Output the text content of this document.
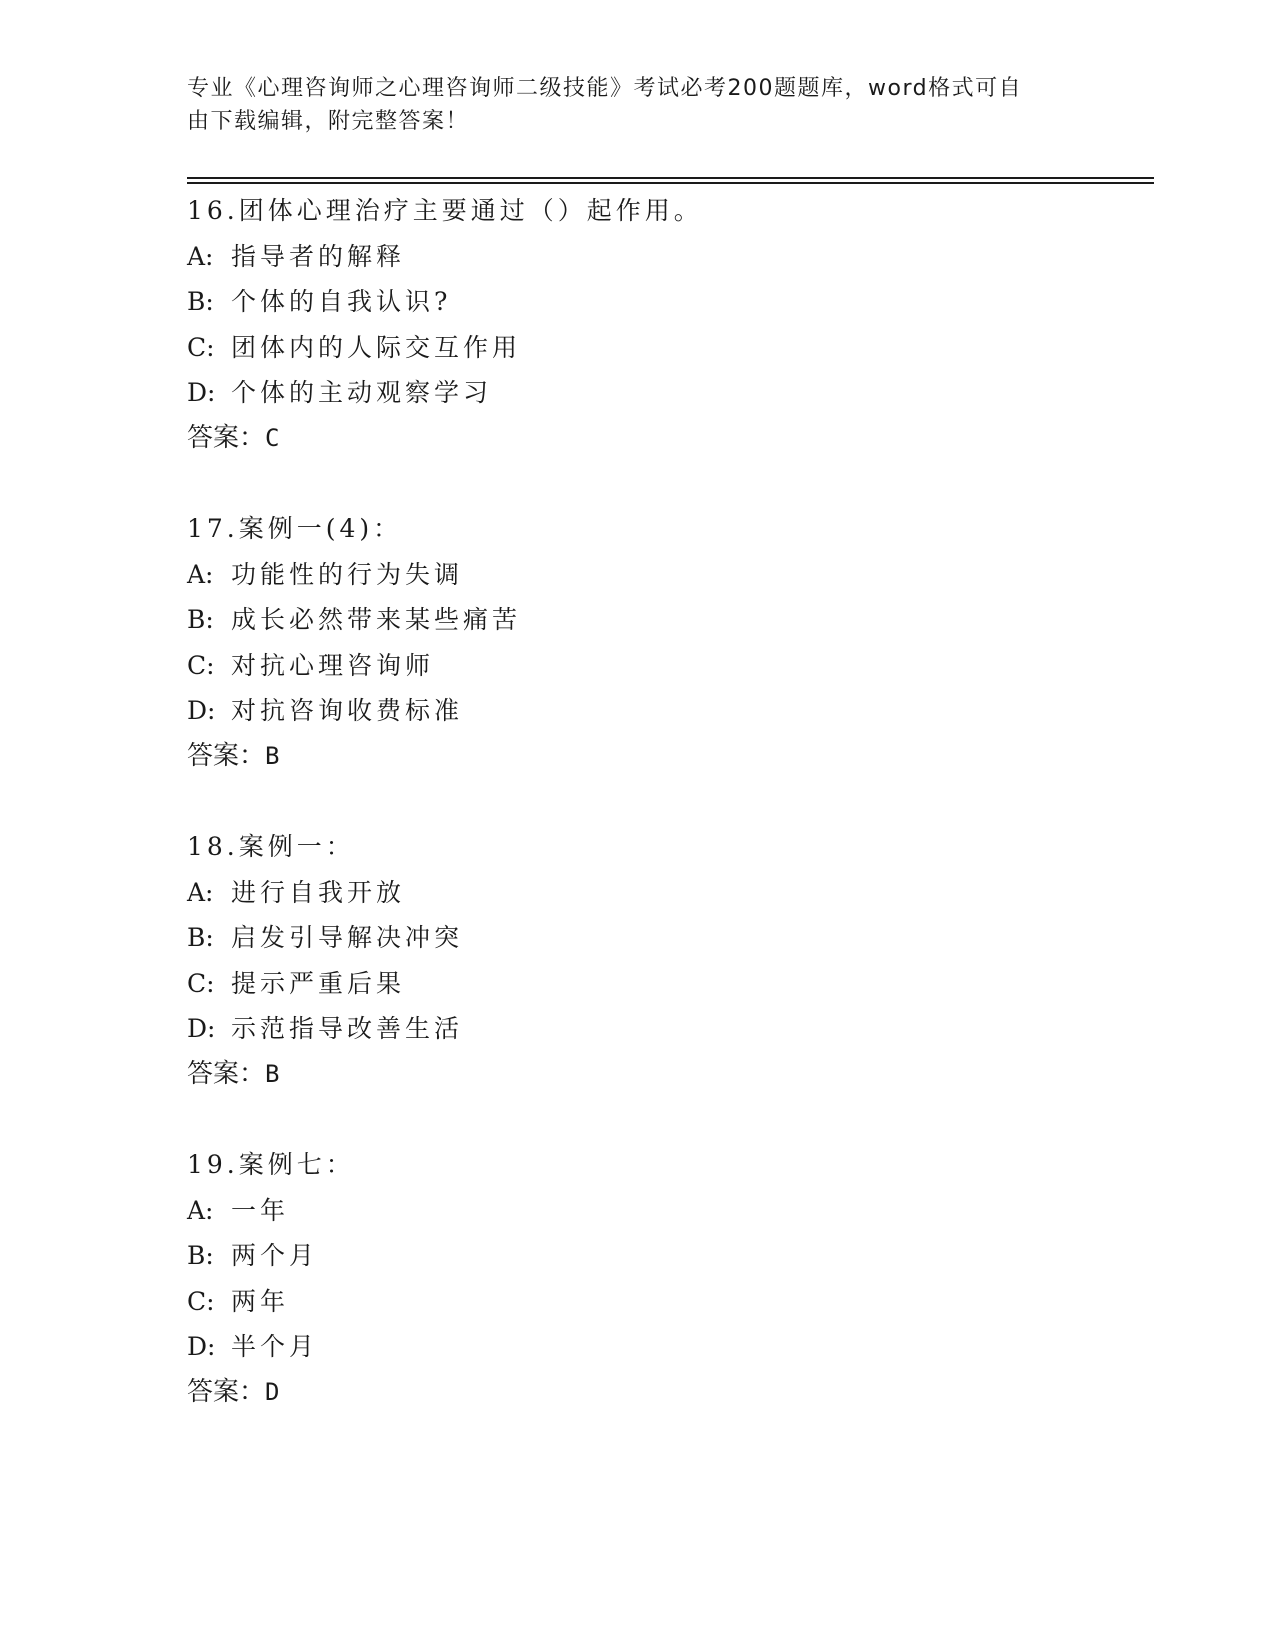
专业《心理咨询师之心理咨询师二级技能》考试必考200题题库，word格式可自
由下载编辑，附完整答案！
16.团体心理治疗主要通过（）起作用。
A: 指导者的解释
B: 个体的自我认识?
C: 团体内的人际交互作用
D: 个体的主动观察学习
答案：C
17.案例一(4)：
A: 功能性的行为失调
B: 成长必然带来某些痛苦
C: 对抗心理咨询师
D: 对抗咨询收费标准
答案：B
18.案例一：
A: 进行自我开放
B: 启发引导解决冲突
C: 提示严重后果
D: 示范指导改善生活
答案：B
19.案例七：
A: 一年
B: 两个月
C: 两年
D: 半个月
答案：D
